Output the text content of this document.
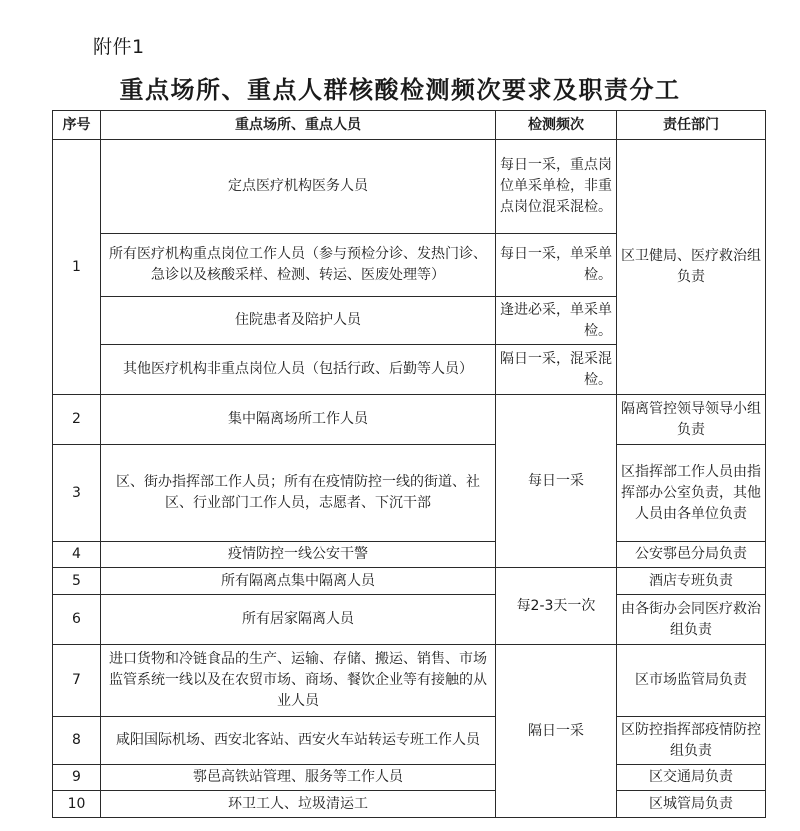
附件1
重点场所、重点人群核酸检测频次要求及职责分工
序号	重点场所、重点人员	检测频次	责任部门
1	定点医疗机构医务人员	每日一采，重点岗位单采单检，非重点岗位混采混检。	区卫健局、医疗救治组负责
	所有医疗机构重点岗位工作人员（参与预检分诊、发热门诊、急诊以及核酸采样、检测、转运、医废处理等）	每日一采，单采单检。	
	住院患者及陪护人员	逢进必采，单采单检。	
	其他医疗机构非重点岗位人员（包括行政、后勤等人员）	隔日一采，混采混检。	
2	集中隔离场所工作人员	每日一采	隔离管控领导领导小组负责
3	区、街办指挥部工作人员；所有在疫情防控一线的街道、社区、行业部门工作人员，志愿者、下沉干部		区指挥部工作人员由指挥部办公室负责，其他人员由各单位负责
4	疫情防控一线公安干警		公安鄠邑分局负责
5	所有隔离点集中隔离人员	每2-3天一次	酒店专班负责
6	所有居家隔离人员		由各街办会同医疗救治组负责
7	进口货物和冷链食品的生产、运输、存储、搬运、销售、市场监管系统一线以及在农贸市场、商场、餐饮企业等有接触的从业人员	隔日一采	区市场监管局负责
8	咸阳国际机场、西安北客站、西安火车站转运专班工作人员		区防控指挥部疫情防控组负责
9	鄠邑高铁站管理、服务等工作人员		区交通局负责
10	环卫工人、垃圾清运工		区城管局负责
